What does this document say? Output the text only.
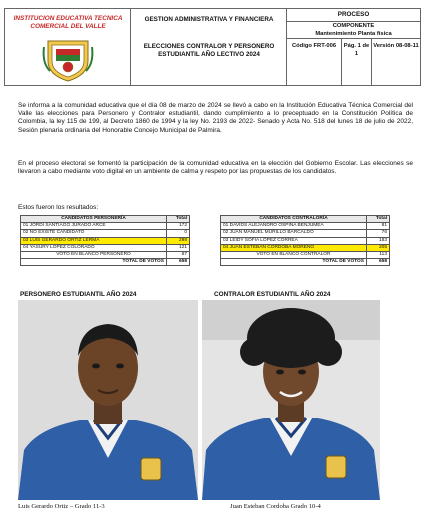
INSTITUCION EDUCATIVA TECNICA COMERCIAL DEL VALLE
GESTION ADMINISTRATIVA Y FINANCIERA
ELECCIONES CONTRALOR Y PERSONERO ESTUDIANTIL AÑO LECTIVO 2024
PROCESO
COMPONENTE
Mantenimiento Planta física
Código FRT-006	Pág. 1 de 1
Versión 08-08-11
Se informa a la comunidad educativa que el día 08 de marzo de 2024 se llevó a cabo en la Institución Educativa Técnica Comercial del Valle las elecciones para Personero y Contralor estudiantil, dando cumplimiento a lo preceptuado en la Constitución Política de Colombia, la ley 115 de 199, al Decreto 1860 de 1994 y la ley No. 2193 de 2022- Senado y Acta No. 518 del lunes 18 de julio de 2022, Sesión plenaria ordinaria del Honorable Concejo Municipal de Palmira.
En el proceso electoral se fomentó la participación de la comunidad educativa en la elección del Gobierno Escolar. Las elecciones se llevaron a cabo mediante voto digital en un ambiente de calma y respeto por las propuestas de los candidatos.
Estos fueron los resultados:
CANDIDATOS PERSONERÍA	Total
01 JORDI SANTIAGO JURADO ARCE	172
02 NO EXISTE CANDIDATO	0
03 LUIS GERARDO ORTIZ LERMA	298
04 YASURY LOPEZ COLORADO	121
VOTO EN BLANCO PERSONERO	67
TOTAL DE VOTOS	658
CANDIDATOS CONTRALORÍA	Total
01 DAVIDS ALEJANDRO OSPINA BENJUMEA	81
02 JUAN MANUEL MURILLO BARCALDO	76
03 LEIDY SOFIA LÓPEZ CORREA	183
04 JUAN ESTEBAN CORDOBA MORENO	205
VOTO EN BLANCO CONTRALOR	113
TOTAL DE VOTOS	658
PERSONERO ESTUDIANTIL AÑO 2024	CONTRALOR ESTUDIANTIL AÑO 2024
Luis Gerardo Ortiz – Grado 11-3	Juan Esteban Cordoba Grado 10-4
